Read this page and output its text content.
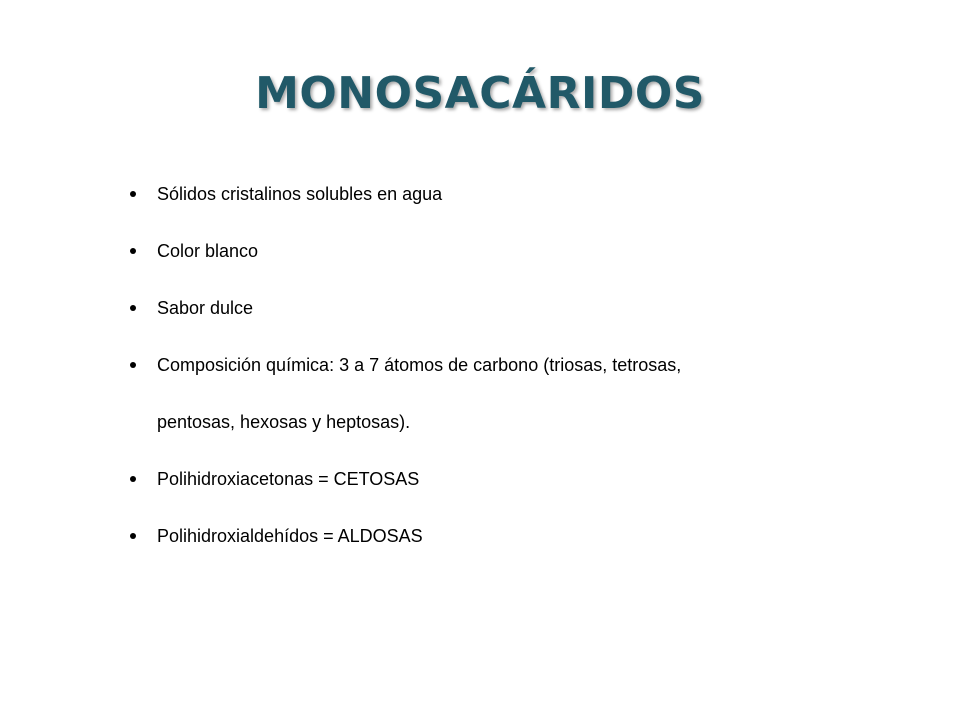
MONOSACÁRIDOS
Sólidos cristalinos solubles en agua
Color blanco
Sabor dulce
Composición química: 3 a 7 átomos de carbono (triosas, tetrosas,
pentosas, hexosas y heptosas).
Polihidroxiacetonas = CETOSAS
Polihidroxialdehídos = ALDOSAS
